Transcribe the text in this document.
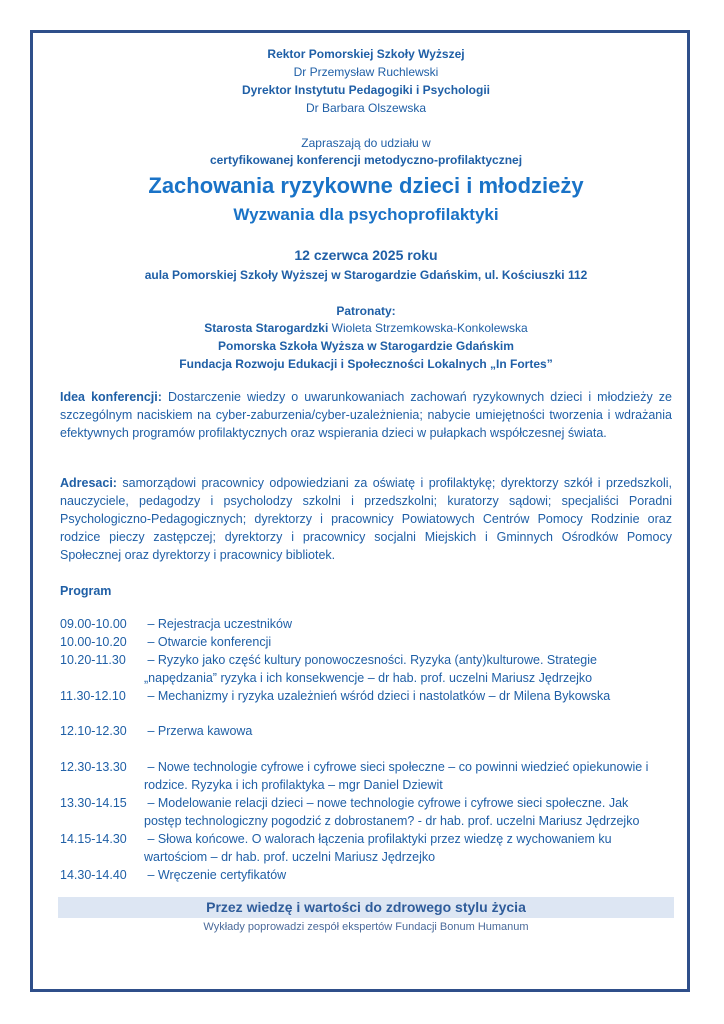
Rektor Pomorskiej Szkoły Wyższej
Dr Przemysław Ruchlewski
Dyrektor Instytutu Pedagogiki i Psychologii
Dr Barbara Olszewska
Zapraszają do udziału w
certyfikowanej konferencji metodyczno-profilaktycznej
Zachowania ryzykowne dzieci i młodzieży
Wyzwania dla psychoprofilaktyki
12 czerwca 2025 roku
aula Pomorskiej Szkoły Wyższej w Starogardzie Gdańskim, ul. Kościuszki 112
Patronaty:
Starosta Starogardzki Wioleta Strzemkowska-Konkolewska
Pomorska Szkoła Wyższa w Starogardzie Gdańskim
Fundacja Rozwoju Edukacji i Społeczności Lokalnych „In Fortes”
Idea konferencji: Dostarczenie wiedzy o uwarunkowaniach zachowań ryzykownych dzieci i młodzieży ze szczególnym naciskiem na cyber-zaburzenia/cyber-uzależnienia; nabycie umiejętności tworzenia i wdrażania efektywnych programów profilaktycznych oraz wspierania dzieci w pułapkach współczesnej świata.
Adresaci: samorządowi pracownicy odpowiedziani za oświatę i profilaktykę; dyrektorzy szkół i przedszkoli, nauczyciele, pedagodzy i psycholodzy szkolni i przedszkolni; kuratorzy sądowi; specjaliści Poradni Psychologiczno-Pedagogicznych; dyrektorzy i pracownicy Powiatowych Centrów Pomocy Rodzinie oraz rodzice pieczy zastępczej; dyrektorzy i pracownicy socjalni Miejskich i Gminnych Ośrodków Pomocy Społecznej oraz dyrektorzy i pracownicy bibliotek.
Program
09.00-10.00 – Rejestracja uczestników
10.00-10.20 – Otwarcie konferencji
10.20-11.30 – Ryzyko jako część kultury ponowoczesności. Ryzyka (anty)kulturowe. Strategie
„napędzania” ryzyka i ich konsekwencje – dr hab. prof. uczelni Mariusz Jędrzejko
11.30-12.10 – Mechanizmy i ryzyka uzależnień wśród dzieci i nastolatków – dr Milena Bykowska
12.10-12.30 – Przerwa kawowa
12.30-13.30 – Nowe technologie cyfrowe i cyfrowe sieci społeczne – co powinni wiedzieć opiekunowie i
rodzice. Ryzyka i ich profilaktyka – mgr Daniel Dziewit
13.30-14.15 – Modelowanie relacji dzieci – nowe technologie cyfrowe i cyfrowe sieci społeczne. Jak
postęp technologiczny pogodzić z dobrostanem? - dr hab. prof. uczelni Mariusz Jędrzejko
14.15-14.30 – Słowa końcowe. O walorach łączenia profilaktyki przez wiedzę z wychowaniem ku
wartościom – dr hab. prof. uczelni Mariusz Jędrzejko
14.30-14.40 – Wręczenie certyfikatów
Przez wiedzę i wartości do zdrowego stylu życia
Wykłady poprowadzi zespół ekspertów Fundacji Bonum Humanum
